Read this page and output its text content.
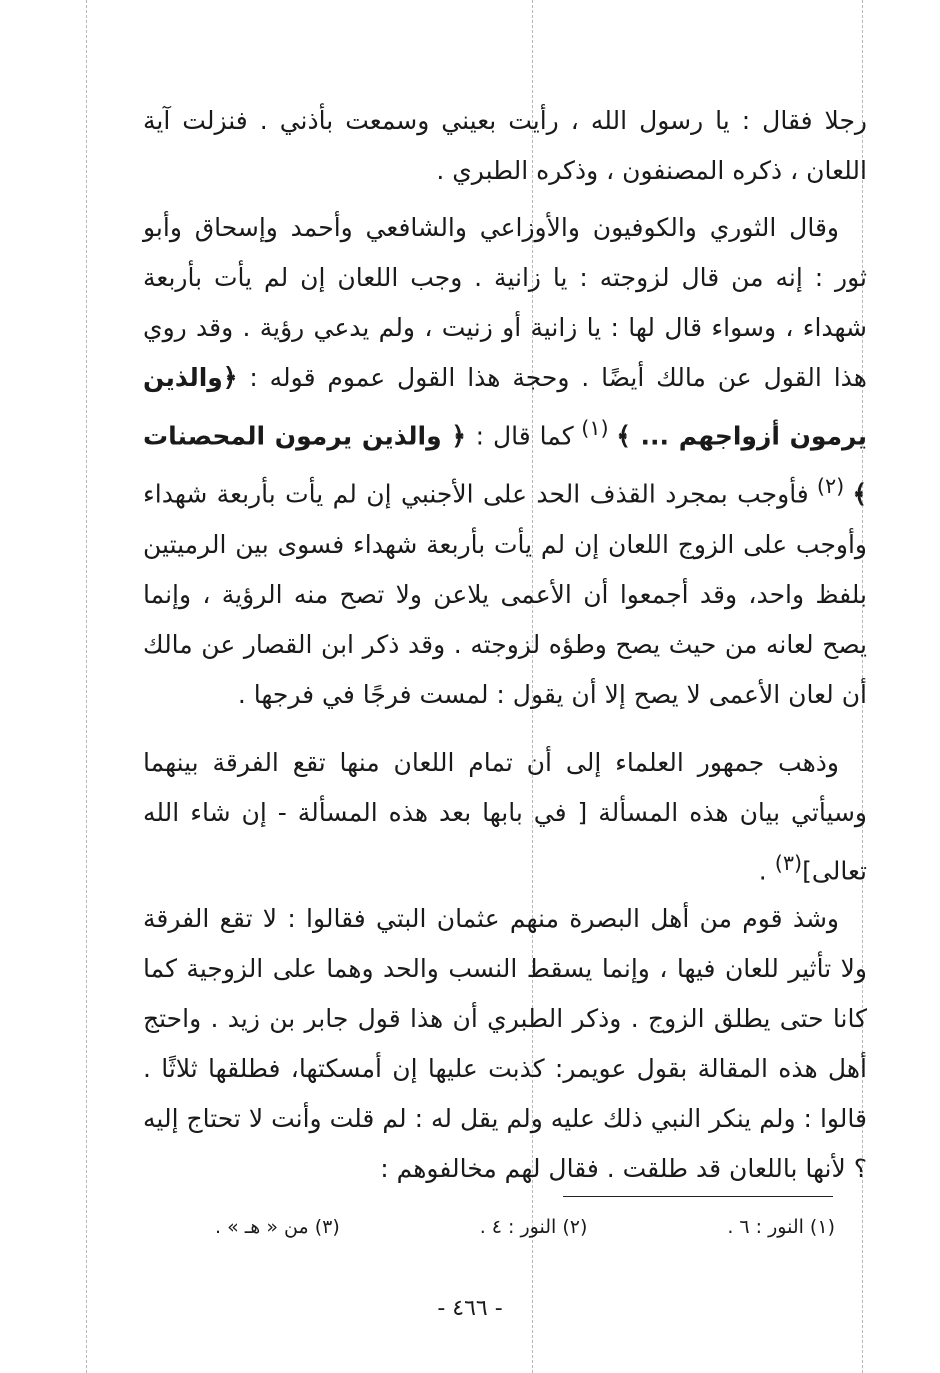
رجلا فقال : يا رسول الله ، رأيت بعيني وسمعت بأذني . فنزلت آية اللعان ، ذكره المصنفون ، وذكره الطبري .

وقال الثوري والكوفيون والأوزاعي والشافعي وأحمد وإسحاق وأبو ثور : إنه من قال لزوجته : يا زانية . وجب اللعان إن لم يأت بأربعة شهداء ، وسواء قال لها : يا زانية أو زنيت ، ولم يدعي رؤية . وقد روي هذا القول عن مالك أيضًا . وحجة هذا القول عموم قوله : ﴿والذين يرمون أزواجهم ... ﴾ $^{(١)}$ كما قال : ﴿ والذين يرمون المحصنات ﴾ $^{(٢)}$ فأوجب بمجرد القذف الحد على الأجنبي إن لم يأت بأربعة شهداء وأوجب على الزوج اللعان إن لم يأت بأربعة شهداء فسوى بين الرميتين بلفظ واحد، وقد أجمعوا أن الأعمى يلاعن ولا تصح منه الرؤية ، وإنما يصح لعانه من حيث يصح وطؤه لزوجته . وقد ذكر ابن القصار عن مالك أن لعان الأعمى لا يصح إلا أن يقول : لمست فرجًا في فرجها .

وذهب جمهور العلماء إلى أن تمام اللعان منها تقع الفرقة بينهما وسيأتي بيان هذه المسألة [ في بابها بعد هذه المسألة - إن شاء الله تعالى]$^{(٣)}$ .

وشذ قوم من أهل البصرة منهم عثمان البتي فقالوا : لا تقع الفرقة ولا تأثير للعان فيها ، وإنما يسقط النسب والحد وهما على الزوجية كما كانا حتى يطلق الزوج . وذكر الطبري أن هذا قول جابر بن زيد . واحتج أهل هذه المقالة بقول عويمر: كذبت عليها إن أمسكتها، فطلقها ثلاثًا . قالوا : ولم ينكر النبي ذلك عليه ولم يقل له : لم قلت وأنت لا تحتاج إليه ؟ لأنها باللعان قد طلقت . فقال لهم مخالفوهم :

(١) النور : ٦ .
(٢) النور : ٤ .
(٣) من « هـ » .
- ٤٦٦ -
